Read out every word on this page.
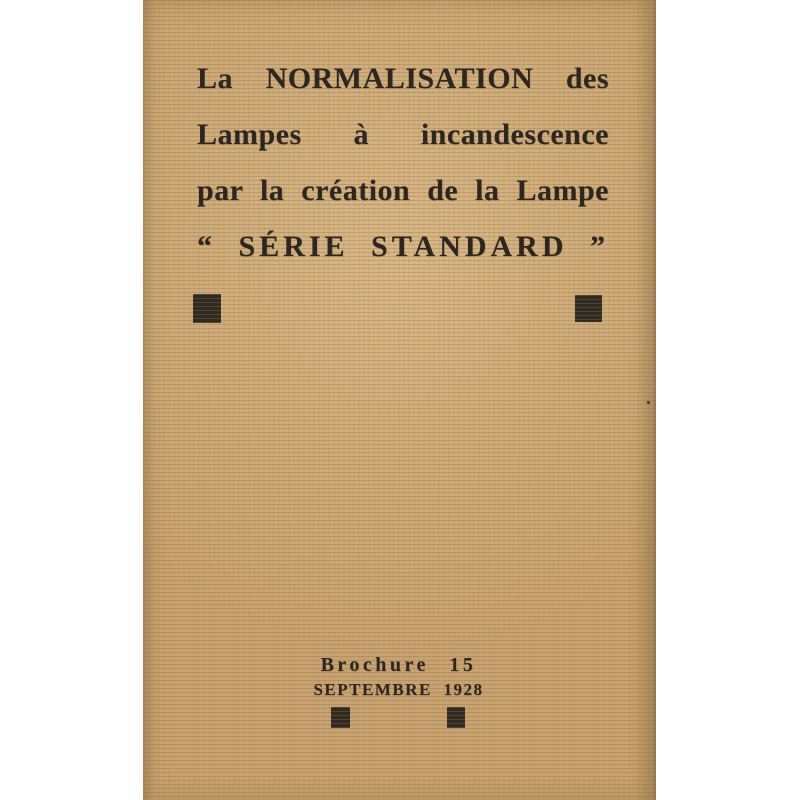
La NORMALISATION des
Lampes à incandescence
par la création de la Lampe
“ SÉRIE STANDARD ”
Brochure 15
SEPTEMBRE 1928
